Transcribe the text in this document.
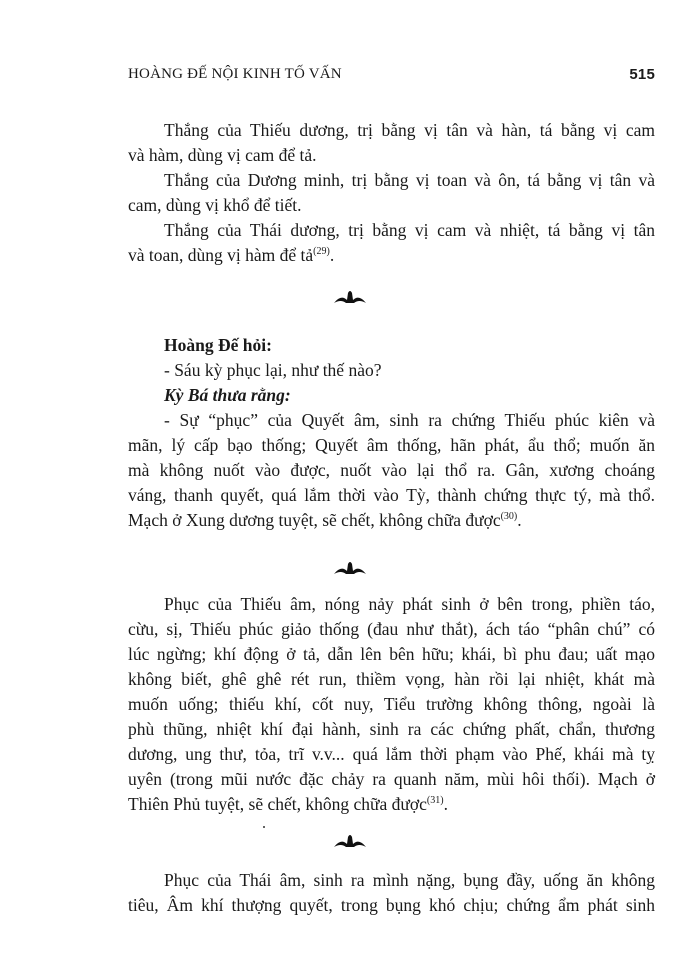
HOÀNG ĐẾ NỘI KINH TỐ VẤN	515
Thắng của Thiếu dương, trị bằng vị tân và hàn, tá bằng vị cam
và hàm, dùng vị cam để tả.
Thắng của Dương minh, trị bằng vị toan và ôn, tá bằng vị tân và
cam, dùng vị khổ để tiết.
Thắng của Thái dương, trị bằng vị cam và nhiệt, tá bằng vị tân
và toan, dùng vị hàm để tả$^{(29)}$.
Hoàng Đế hỏi:
- Sáu kỳ phục lại, như thế nào?
Kỳ Bá thưa rằng:
- Sự “phục” của Quyết âm, sinh ra chứng Thiếu phúc kiên và
mãn, lý cấp bạo thống; Quyết âm thống, hãn phát, ẩu thổ; muốn ăn
mà không nuốt vào được, nuốt vào lại thổ ra. Gân, xương choáng
váng, thanh quyết, quá lắm thời vào Tỳ, thành chứng thực tý, mà thổ.
Mạch ở Xung dương tuyệt, sẽ chết, không chữa được$^{(30)}$.
Phục của Thiếu âm, nóng nảy phát sinh ở bên trong, phiền táo,
cừu, sị, Thiếu phúc giảo thống (đau như thắt), ách táo “phân chú” có
lúc ngừng; khí động ở tả, dẫn lên bên hữu; khái, bì phu đau; uất mạo
không biết, ghê ghê rét run, thiềm vọng, hàn rồi lại nhiệt, khát mà
muốn uống; thiếu khí, cốt nuy, Tiểu trường không thông, ngoài là
phù thũng, nhiệt khí đại hành, sinh ra các chứng phất, chẩn, thương
dương, ung thư, tỏa, trĩ v.v... quá lắm thời phạm vào Phế, khái mà tỵ
uyên (trong mũi nước đặc chảy ra quanh năm, mùi hôi thối). Mạch ở
Thiên Phủ tuyệt, sẽ chết, không chữa được$^{(31)}$.
Phục của Thái âm, sinh ra mình nặng, bụng đầy, uống ăn không
tiêu, Âm khí thượng quyết, trong bụng khó chịu; chứng ẩm phát sinh
